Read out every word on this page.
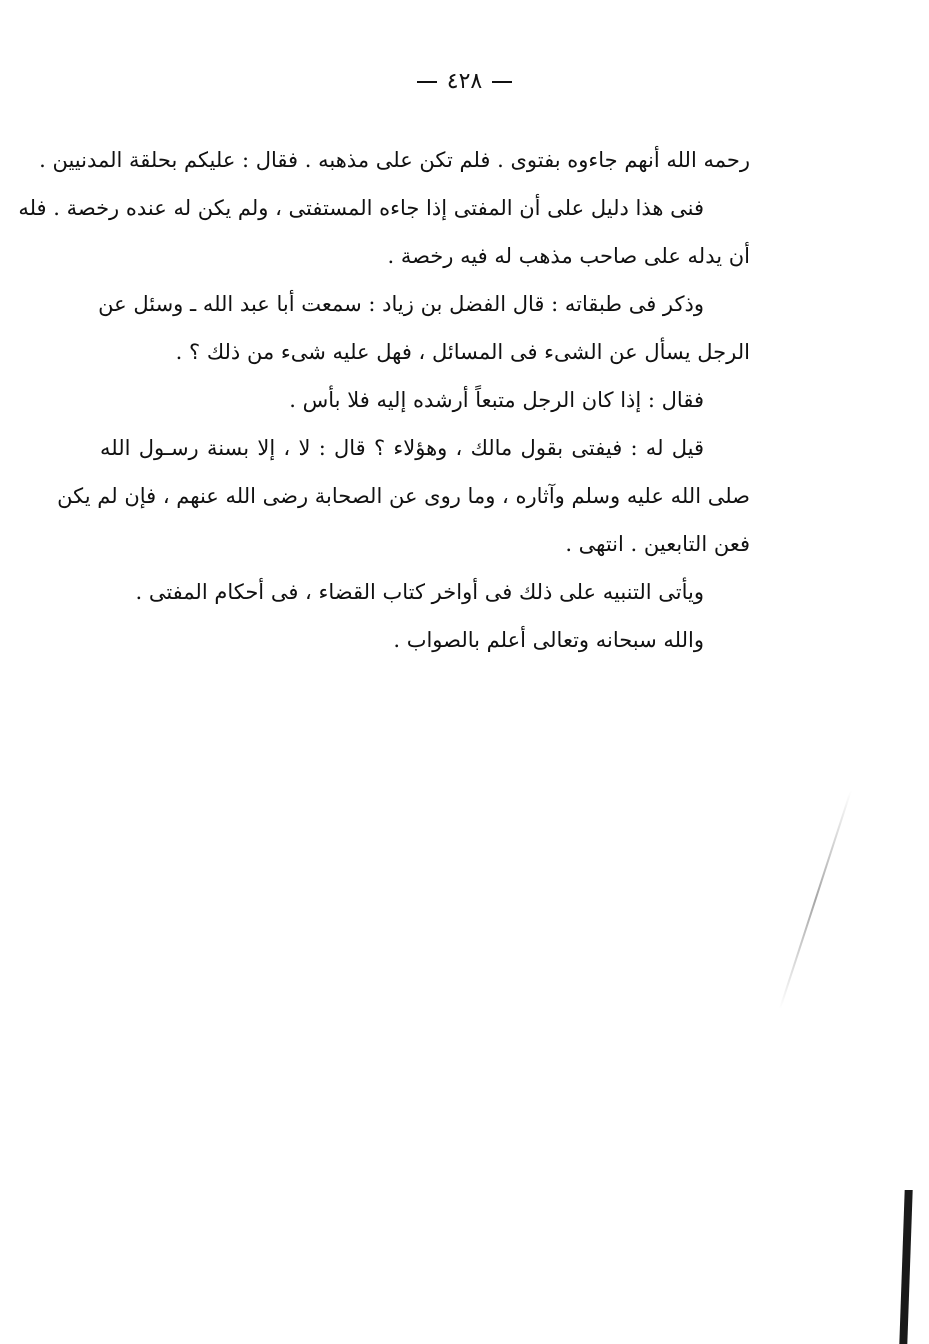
٤٢٨
رحمه الله أنهم جاءوه بفتوى . فلم تكن على مذهبه . فقال : عليكم بحلقة المدنيين .
فنى هذا دليل على أن المفتى إذا جاءه المستفتى ، ولم يكن له عنده رخصة . فله
أن يدله على صاحب مذهب له فيه رخصة .
وذكر فى طبقاته : قال الفضل بن زياد : سمعت أبا عبد الله ـ وسئل عن
الرجل يسأل عن الشىء فى المسائل ، فهل عليه شىء من ذلك ؟ .
فقال : إذا كان الرجل متبعاً أرشده إليه فلا بأس .
قيل له : فيفتى بقول مالك ، وهؤلاء ؟ قال : لا ، إلا بسنة رسـول الله
صلى الله عليه وسلم وآثاره ، وما روى عن الصحابة رضى الله عنهم ، فإن لم يكن
فعن التابعين . انتهى .
ويأتى التنبيه على ذلك فى أواخر كتاب القضاء ، فى أحكام المفتى .
والله سبحانه وتعالى أعلم بالصواب .
